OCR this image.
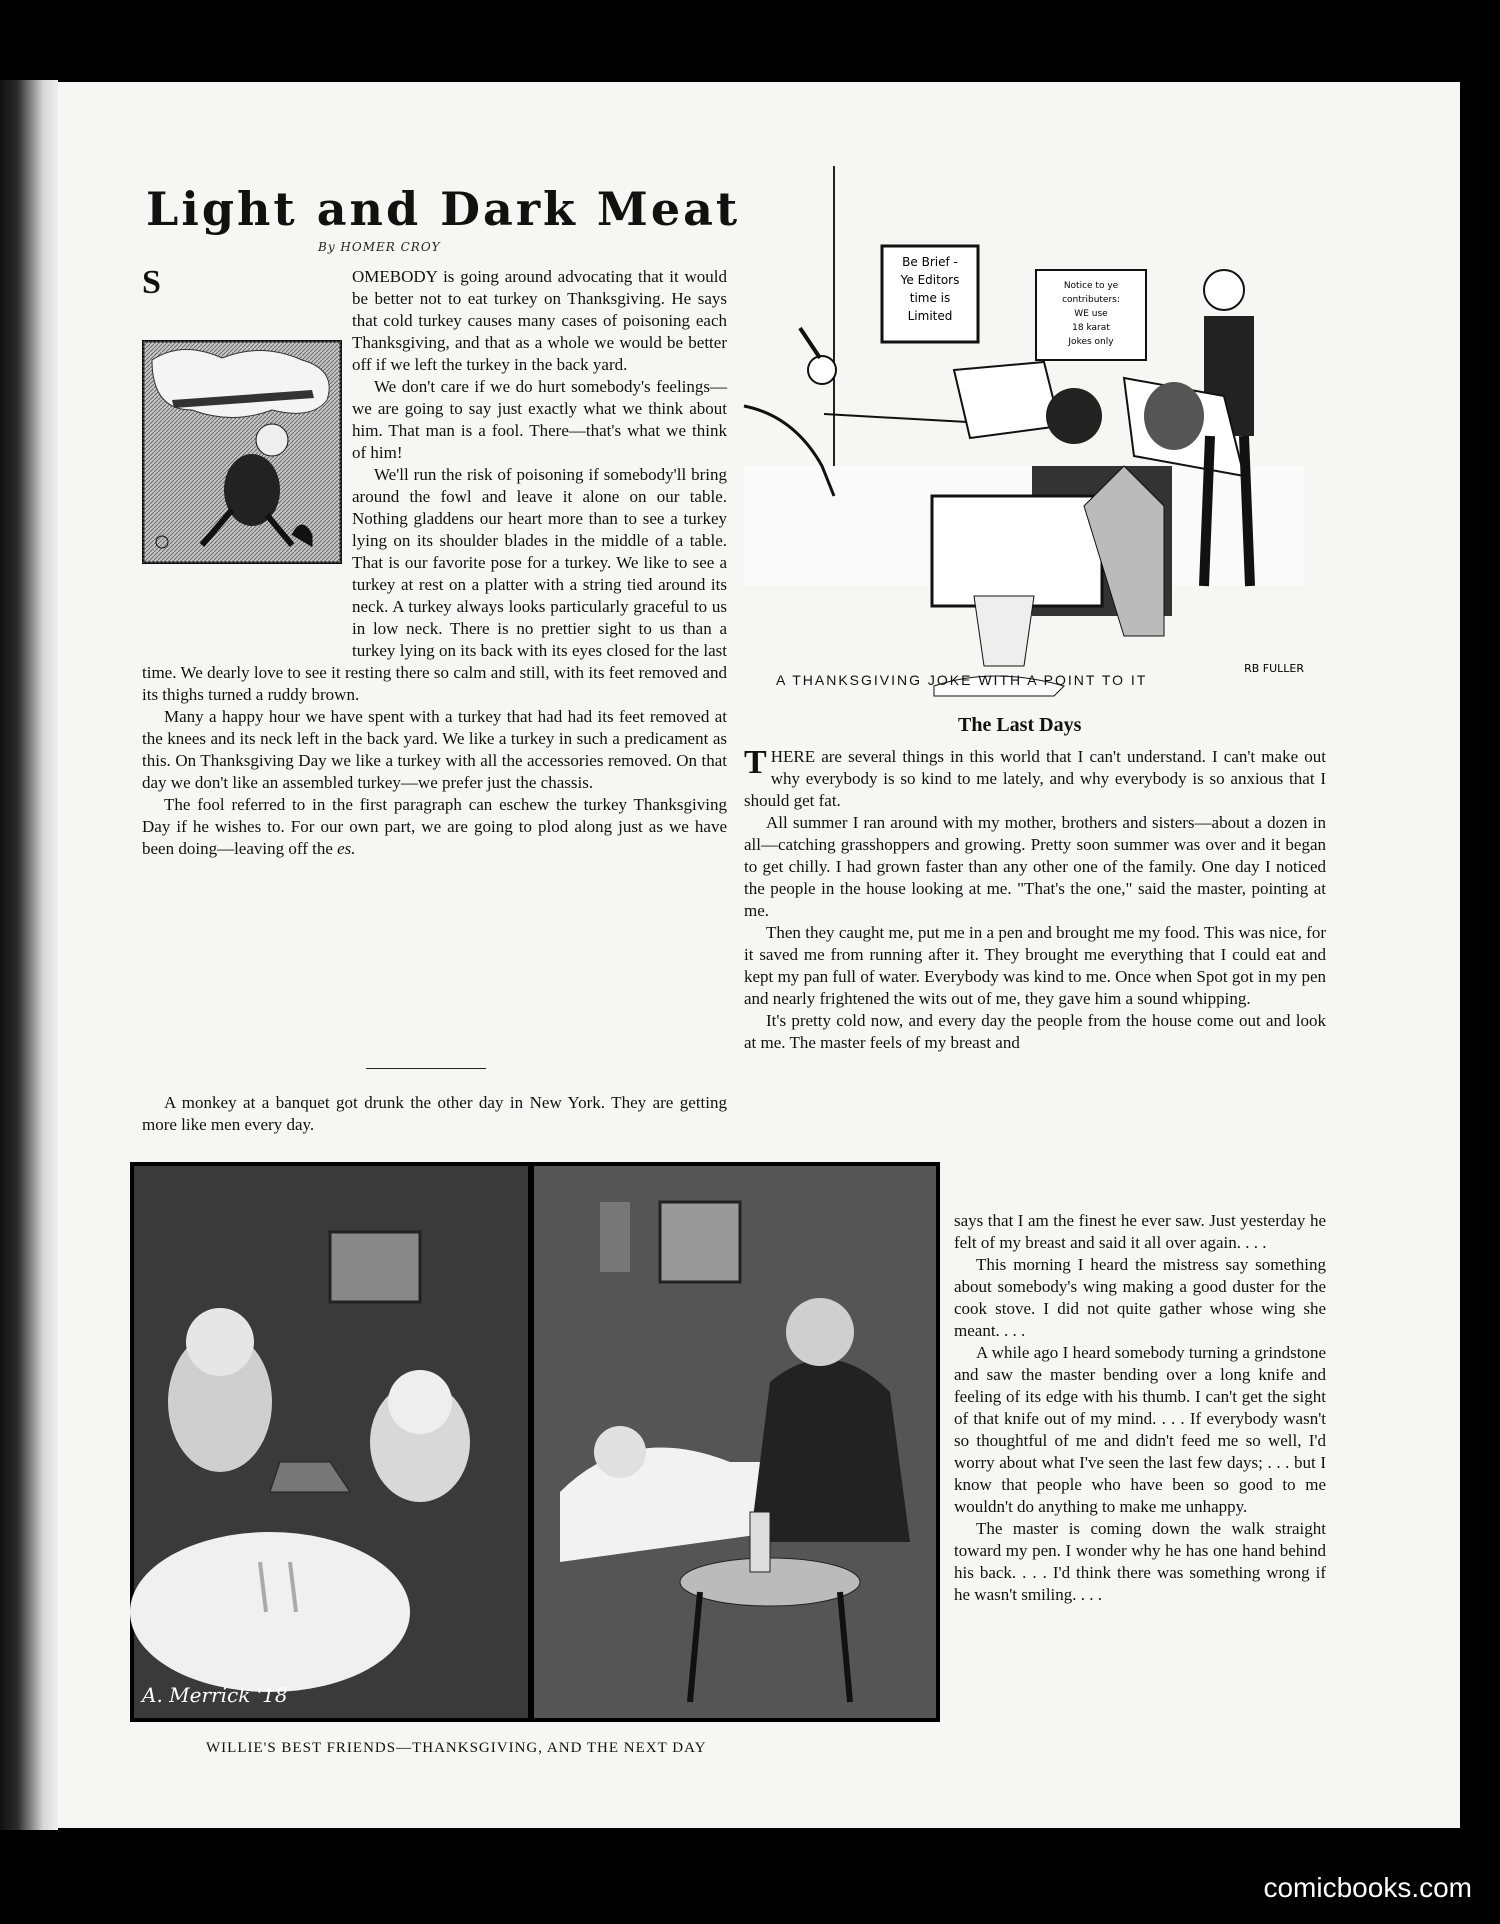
Light and Dark Meat
By HOMER CROY

S	OMEBODY is going around advocating that it would be better not to eat turkey on Thanksgiving. He says that cold turkey causes many cases of poisoning each Thanksgiving, and that as a whole we would be better off if we left the turkey in the back yard.

We don't care if we do hurt somebody's feelings—we are going to say just exactly what we think about him. That man is a fool. There—that's what we think of him!

We'll run the risk of poisoning if somebody'll bring around the fowl and leave it alone on our table. Nothing gladdens our heart more than to see a turkey lying on its shoulder blades in the middle of a table. That is our favorite pose for a turkey. We like to see a turkey at rest on a platter with a string tied around its neck. A turkey always looks particularly graceful to us in low neck. There is no prettier sight to us than a turkey lying on its back with its eyes closed for the last time. We dearly love to see it resting there so calm and still, with its feet removed and its thighs turned a ruddy brown.

Many a happy hour we have spent with a turkey that had had its feet removed at the knees and its neck left in the back yard. We like a turkey in such a predicament as this. On Thanksgiving Day we like a turkey with all the accessories removed. On that day we don't like an assembled turkey—we prefer just the chassis.

The fool referred to in the first paragraph can eschew the turkey Thanksgiving Day if he wishes to. For our own part, we are going to plod along just as we have been doing—leaving off the es.

A monkey at a banquet got drunk the other day in New York. They are getting more like men every day.

Be Brief -
Ye Editors
time is
Limited
Notice to ye
contributers:
WE use
18 karat
Jokes only
RB FULLER
A THANKSGIVING JOKE WITH A POINT TO IT
The Last Days

THERE are several things in this world that I can't understand. I can't make out why everybody is so kind to me lately, and why everybody is so anxious that I should get fat.

All summer I ran around with my mother, brothers and sisters—about a dozen in all—catching grasshoppers and growing. Pretty soon summer was over and it began to get chilly. I had grown faster than any other one of the family. One day I noticed the people in the house looking at me. "That's the one," said the master, pointing at me.

Then they caught me, put me in a pen and brought me my food. This was nice, for it saved me from running after it. They brought me everything that I could eat and kept my pan full of water. Everybody was kind to me. Once when Spot got in my pen and nearly frightened the wits out of me, they gave him a sound whipping.

It's pretty cold now, and every day the people from the house come out and look at me. The master feels of my breast and

says that I am the finest he ever saw. Just yesterday he felt of my breast and said it all over again. . . .

This morning I heard the mistress say something about somebody's wing making a good duster for the cook stove. I did not quite gather whose wing she meant. . . .

A while ago I heard somebody turning a grindstone and saw the master bending over a long knife and feeling of its edge with his thumb. I can't get the sight of that knife out of my mind. . . . If everybody wasn't so thoughtful of me and didn't feed me so well, I'd worry about what I've seen the last few days; . . . but I know that people who have been so good to me wouldn't do anything to make me unhappy.

The master is coming down the walk straight toward my pen. I wonder why he has one hand behind his back. . . . I'd think there was something wrong if he wasn't smiling. . . .

A. Merrick '18
WILLIE'S BEST FRIENDS—THANKSGIVING, AND THE NEXT DAY
comicbooks.com
